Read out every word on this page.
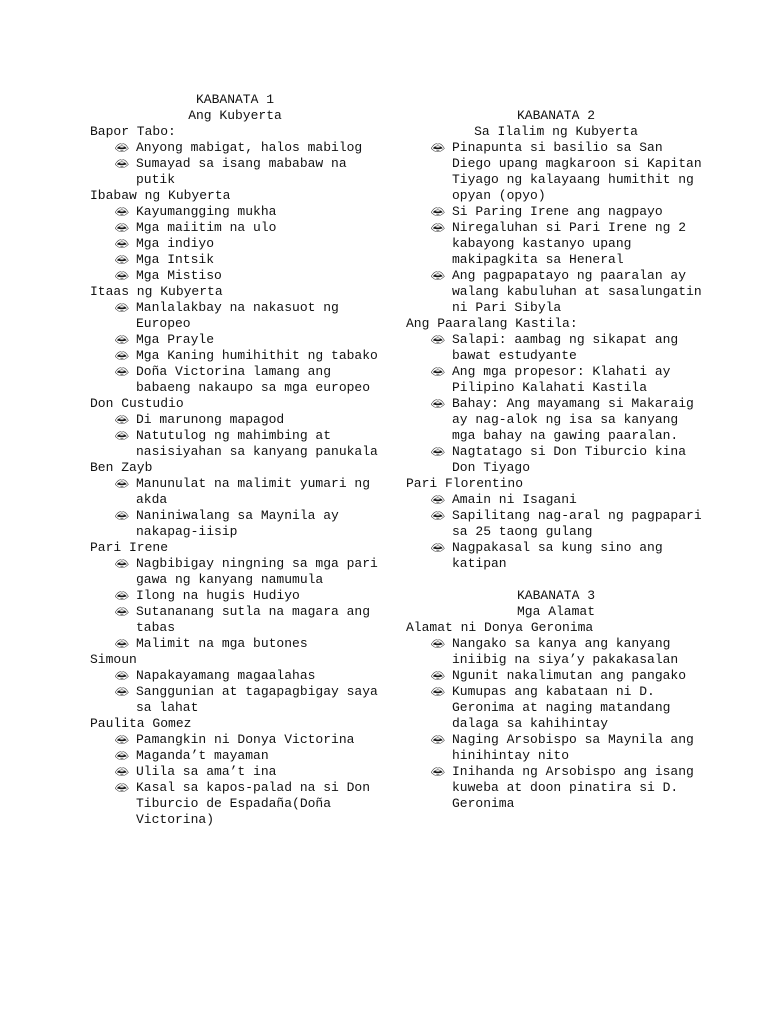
KABANATA 1
Ang Kubyerta
Bapor Tabo:
👄︎ Anyong mabigat, halos mabilog
👄︎ Sumayad sa isang mababaw na putik
Ibabaw ng Kubyerta
👄︎ Kayumangging mukha
👄︎ Mga maiitim na ulo
👄︎ Mga indiyo
👄︎ Mga Intsik
👄︎ Mga Mistiso
Itaas ng Kubyerta
👄︎ Manlalakbay na nakasuot ng Europeo
👄︎ Mga Prayle
👄︎ Mga Kaning humihithit ng tabako
👄︎ Doña Victorina lamang ang babaeng nakaupo sa mga europeo
Don Custudio
👄︎ Di marunong mapagod
👄︎ Natutulog ng mahimbing at nasisiyahan sa kanyang panukala
Ben Zayb
👄︎ Manunulat na malimit yumari ng akda
👄︎ Naniniwalang sa Maynila ay nakapag-iisip
Pari Irene
👄︎ Nagbibigay ningning sa mga pari gawa ng kanyang namumula
👄︎ Ilong na hugis Hudiyo
👄︎ Sutananang sutla na magara ang tabas
👄︎ Malimit na mga butones
Simoun
👄︎ Napakayamang magaalahas
👄︎ Sanggunian at tagapagbigay saya sa lahat
Paulita Gomez
👄︎ Pamangkin ni Donya Victorina
👄︎ Maganda’t mayaman
👄︎ Ulila sa ama’t ina
👄︎ Kasal sa kapos-palad na si Don Tiburcio de Espadaña(Doña Victorina)
KABANATA 2
Sa Ilalim ng Kubyerta
👄︎ Pinapunta si basilio sa San Diego upang magkaroon si Kapitan Tiyago ng kalayaang humithit ng opyan (opyo)
👄︎ Si Paring Irene ang nagpayo
👄︎ Niregaluhan si Pari Irene ng 2 kabayong kastanyo upang makipagkita sa Heneral
👄︎ Ang pagpapatayo ng paaralan ay walang kabuluhan at sasalungatin ni Pari Sibyla
Ang Paaralang Kastila:
👄︎ Salapi: aambag ng sikapat ang bawat estudyante
👄︎ Ang mga propesor: Klahati ay Pilipino Kalahati Kastila
👄︎ Bahay: Ang mayamang si Makaraig ay nag-alok ng isa sa kanyang mga bahay na gawing paaralan.
👄︎ Nagtatago si Don Tiburcio kina Don Tiyago
Pari Florentino
👄︎ Amain ni Isagani
👄︎ Sapilitang nag-aral ng pagpapari sa 25 taong gulang
👄︎ Nagpakasal sa kung sino ang katipan
KABANATA 3
Mga Alamat
Alamat ni Donya Geronima
👄︎ Nangako sa kanya ang kanyang iniibig na siya’y pakakasalan
👄︎ Ngunit nakalimutan ang pangako
👄︎ Kumupas ang kabataan ni D. Geronima at naging matandang dalaga sa kahihintay
👄︎ Naging Arsobispo sa Maynila ang hinihintay nito
👄︎ Inihanda ng Arsobispo ang isang kuweba at doon pinatira si D. Geronima
